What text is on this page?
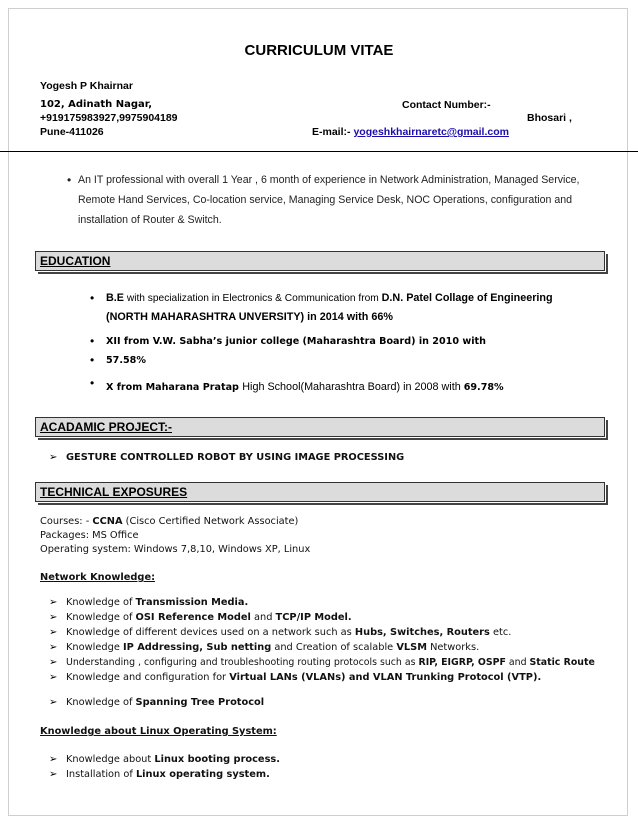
CURRICULUM VITAE
Yogesh P Khairnar
102, Adinath Nagar,	Contact Number:-
+919175983927,9975904189	Bhosari ,
Pune-411026	E-mail:- yogeshkhairnaretc@gmail.com
• An IT professional with overall 1 Year , 6 month of experience in Network Administration, Managed Service, Remote Hand Services, Co-location service, Managing Service Desk, NOC Operations, configuration and installation of Router & Switch.
EDUCATION
• B.E with specialization in Electronics & Communication from D.N. Patel Collage of Engineering
(NORTH MAHARASHTRA UNVERSITY) in 2014 with 66%
• XII from V.W. Sabha’s junior college (Maharashtra Board) in 2010 with
• 57.58%
• X from Maharana Pratap High School(Maharashtra Board) in 2008 with 69.78%
ACADAMIC PROJECT:-
➢ GESTURE CONTROLLED ROBOT BY USING IMAGE PROCESSING
TECHNICAL EXPOSURES
Courses: - CCNA (Cisco Certified Network Associate)
Packages: MS Office
Operating system: Windows 7,8,10, Windows XP, Linux
Network Knowledge:
➢ Knowledge of Transmission Media.
➢ Knowledge of OSI Reference Model and TCP/IP Model.
➢ Knowledge of different devices used on a network such as Hubs, Switches, Routers etc.
➢ Knowledge IP Addressing, Sub netting and Creation of scalable VLSM Networks.
➢ Understanding , configuring and troubleshooting routing protocols such as RIP, EIGRP, OSPF and Static Route
➢ Knowledge and configuration for Virtual LANs (VLANs) and VLAN Trunking Protocol (VTP).
➢ Knowledge of Spanning Tree Protocol
Knowledge about Linux Operating System:
➢ Knowledge about Linux booting process.
➢ Installation of Linux operating system.
